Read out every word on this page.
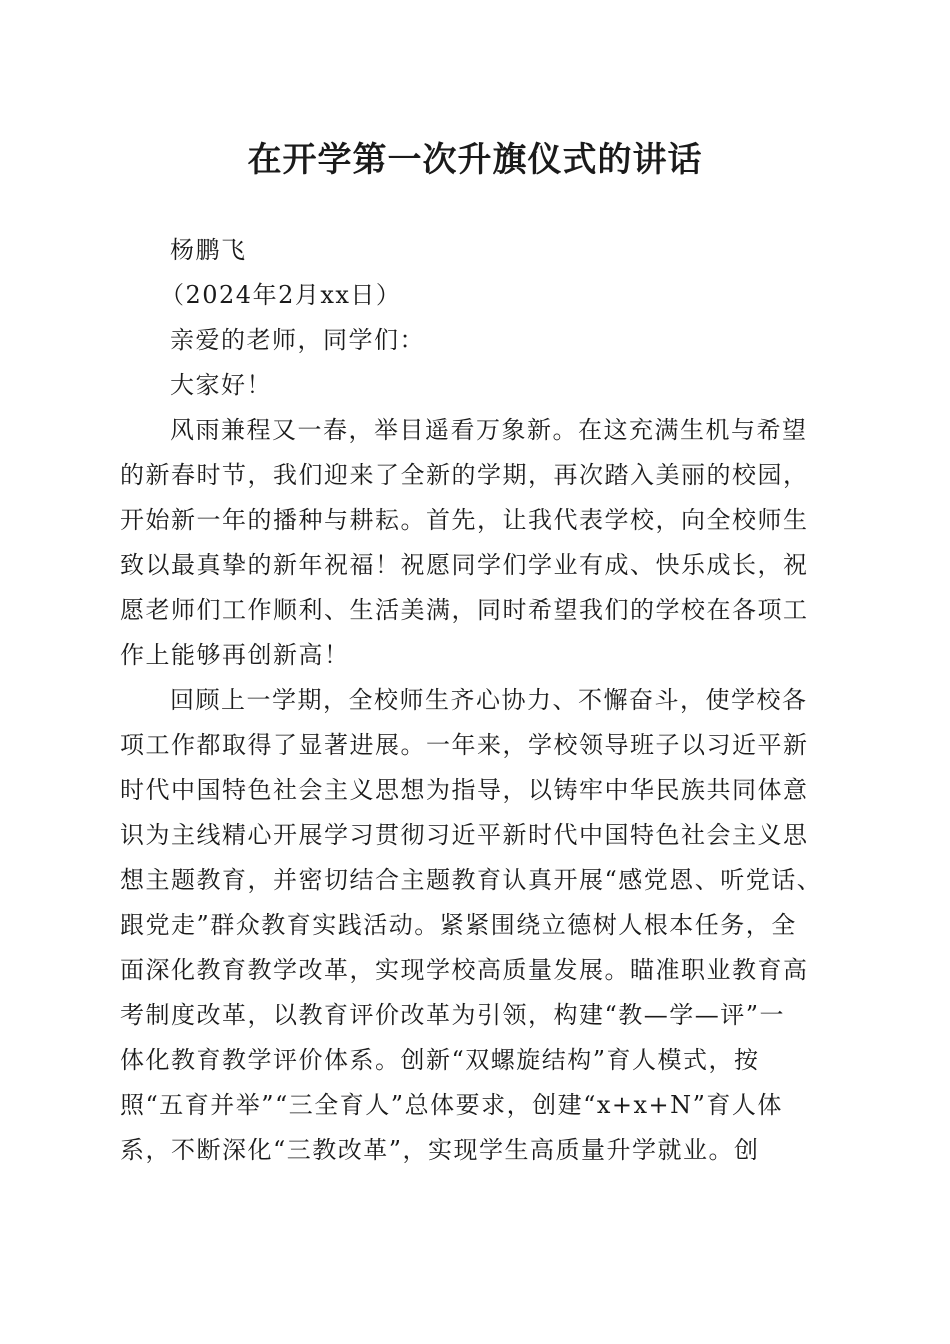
在开学第一次升旗仪式的讲话
杨鹏飞
（2024年2月xx日）
亲爱的老师，同学们：
大家好！
风雨兼程又一春，举目遥看万象新。在这充满生机与希望
的新春时节，我们迎来了全新的学期，再次踏入美丽的校园，
开始新一年的播种与耕耘。首先，让我代表学校，向全校师生
致以最真挚的新年祝福！祝愿同学们学业有成、快乐成长，祝
愿老师们工作顺利、生活美满，同时希望我们的学校在各项工
作上能够再创新高！
回顾上一学期，全校师生齐心协力、不懈奋斗，使学校各
项工作都取得了显著进展。一年来，学校领导班子以习近平新
时代中国特色社会主义思想为指导，以铸牢中华民族共同体意
识为主线精心开展学习贯彻习近平新时代中国特色社会主义思
想主题教育，并密切结合主题教育认真开展“感党恩、听党话、
跟党走”群众教育实践活动。紧紧围绕立德树人根本任务，全
面深化教育教学改革，实现学校高质量发展。瞄准职业教育高
考制度改革，以教育评价改革为引领，构建“教—学—评”一
体化教育教学评价体系。创新“双螺旋结构”育人模式，按
照“五育并举”“三全育人”总体要求，创建“x+x+N”育人体
系，不断深化“三教改革”，实现学生高质量升学就业。创
